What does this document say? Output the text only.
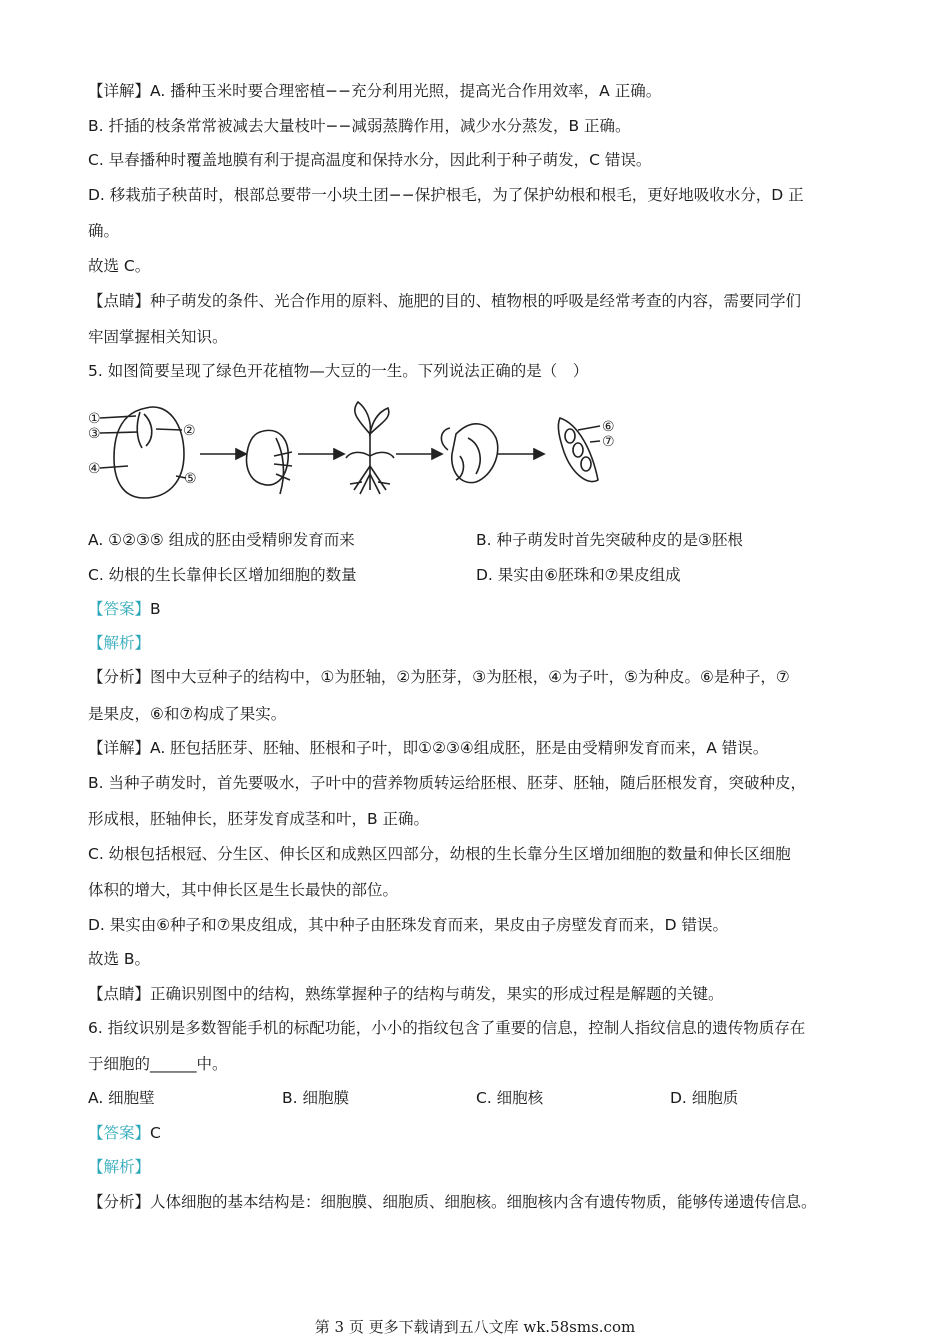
【详解】A. 播种玉米时要合理密植−−充分利用光照，提高光合作用效率，A 正确。
B. 扦插的枝条常常被减去大量枝叶−−减弱蒸腾作用，减少水分蒸发，B 正确。
C. 早春播种时覆盖地膜有利于提高温度和保持水分，因此利于种子萌发，C 错误。
D. 移栽茄子秧苗时，根部总要带一小块土团−−保护根毛，为了保护幼根和根毛，更好地吸收水分，D 正
确。
故选 C。
【点睛】种子萌发的条件、光合作用的原料、施肥的目的、植物根的呼吸是经常考查的内容，需要同学们
牢固掌握相关知识。
5. 如图简要呈现了绿色开花植物—大豆的一生。下列说法正确的是（　）
①
③
④
②
⑤
⑥
⑦
A. ①②③⑤ 组成的胚由受精卵发育而来	B. 种子萌发时首先突破种皮的是③胚根
C. 幼根的生长靠伸长区增加细胞的数量	D. 果实由⑥胚珠和⑦果皮组成
【答案】B
【解析】
【分析】图中大豆种子的结构中，①为胚轴，②为胚芽，③为胚根，④为子叶，⑤为种皮。⑥是种子，⑦
是果皮，⑥和⑦构成了果实。
【详解】A. 胚包括胚芽、胚轴、胚根和子叶，即①②③④组成胚，胚是由受精卵发育而来，A 错误。
B. 当种子萌发时，首先要吸水，子叶中的营养物质转运给胚根、胚芽、胚轴，随后胚根发育，突破种皮，
形成根，胚轴伸长，胚芽发育成茎和叶，B 正确。
C. 幼根包括根冠、分生区、伸长区和成熟区四部分，幼根的生长靠分生区增加细胞的数量和伸长区细胞
体积的增大，其中伸长区是生长最快的部位。
D. 果实由⑥种子和⑦果皮组成，其中种子由胚珠发育而来，果皮由子房壁发育而来，D 错误。
故选 B。
【点睛】正确识别图中的结构，熟练掌握种子的结构与萌发，果实的形成过程是解题的关键。
6. 指纹识别是多数智能手机的标配功能，小小的指纹包含了重要的信息，控制人指纹信息的遗传物质存在
于细胞的______中。
A. 细胞壁	B. 细胞膜	C. 细胞核	D. 细胞质
【答案】C
【解析】
【分析】人体细胞的基本结构是：细胞膜、细胞质、细胞核。细胞核内含有遗传物质，能够传递遗传信息。
第 3 页 更多下载请到五八文库 wk.58sms.com
